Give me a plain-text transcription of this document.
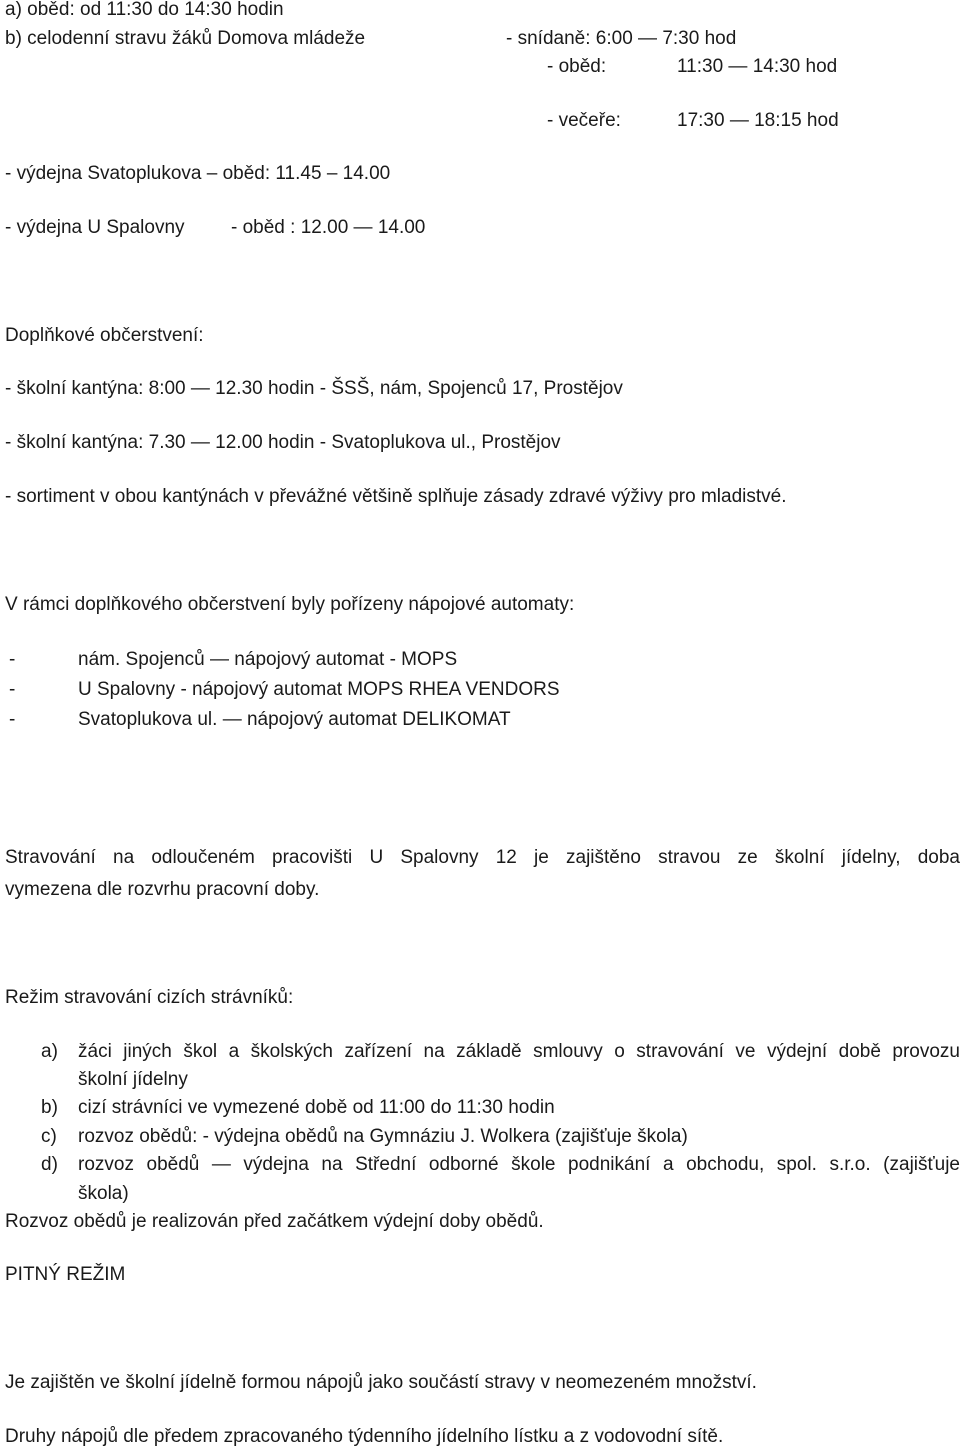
a) oběd: od 11:30 do 14:30 hodin
b) celodenní stravu žáků Domova mládeže	- snídaně: 6:00 — 7:30 hod
- oběd:	11:30 — 14:30 hod
- večeře:	17:30 — 18:15 hod
- výdejna Svatoplukova – oběd: 11.45 – 14.00
- výdejna U Spalovny - oběd : 12.00 — 14.00
Doplňkové občerstvení:
- školní kantýna: 8:00 — 12.30 hodin - ŠSŠ, nám, Spojenců 17, Prostějov
- školní kantýna: 7.30 — 12.00 hodin - Svatoplukova ul., Prostějov
- sortiment v obou kantýnách v převážné většině splňuje zásady zdravé výživy pro mladistvé.
V rámci doplňkového občerstvení byly pořízeny nápojové automaty:
-	nám. Spojenců — nápojový automat - MOPS
-	U Spalovny - nápojový automat MOPS RHEA VENDORS
-	Svatoplukova ul. — nápojový automat DELIKOMAT
Stravování na odloučeném pracovišti U Spalovny 12 je zajištěno stravou ze školní jídelny, doba
vymezena dle rozvrhu pracovní doby.
Režim stravování cizích strávníků:
a) žáci jiných škol a školských zařízení na základě smlouvy o stravování ve výdejní době provozu
školní jídelny
b) cizí strávníci ve vymezené době od 11:00 do 11:30 hodin
c) rozvoz obědů: - výdejna obědů na Gymnáziu J. Wolkera (zajišťuje škola)
d) rozvoz obědů — výdejna na Střední odborné škole podnikání a obchodu, spol. s.r.o. (zajišťuje
škola)
Rozvoz obědů je realizován před začátkem výdejní doby obědů.
PITNÝ REŽIM
Je zajištěn ve školní jídelně formou nápojů jako součástí stravy v neomezeném množství.
Druhy nápojů dle předem zpracovaného týdenního jídelního lístku a z vodovodní sítě.
